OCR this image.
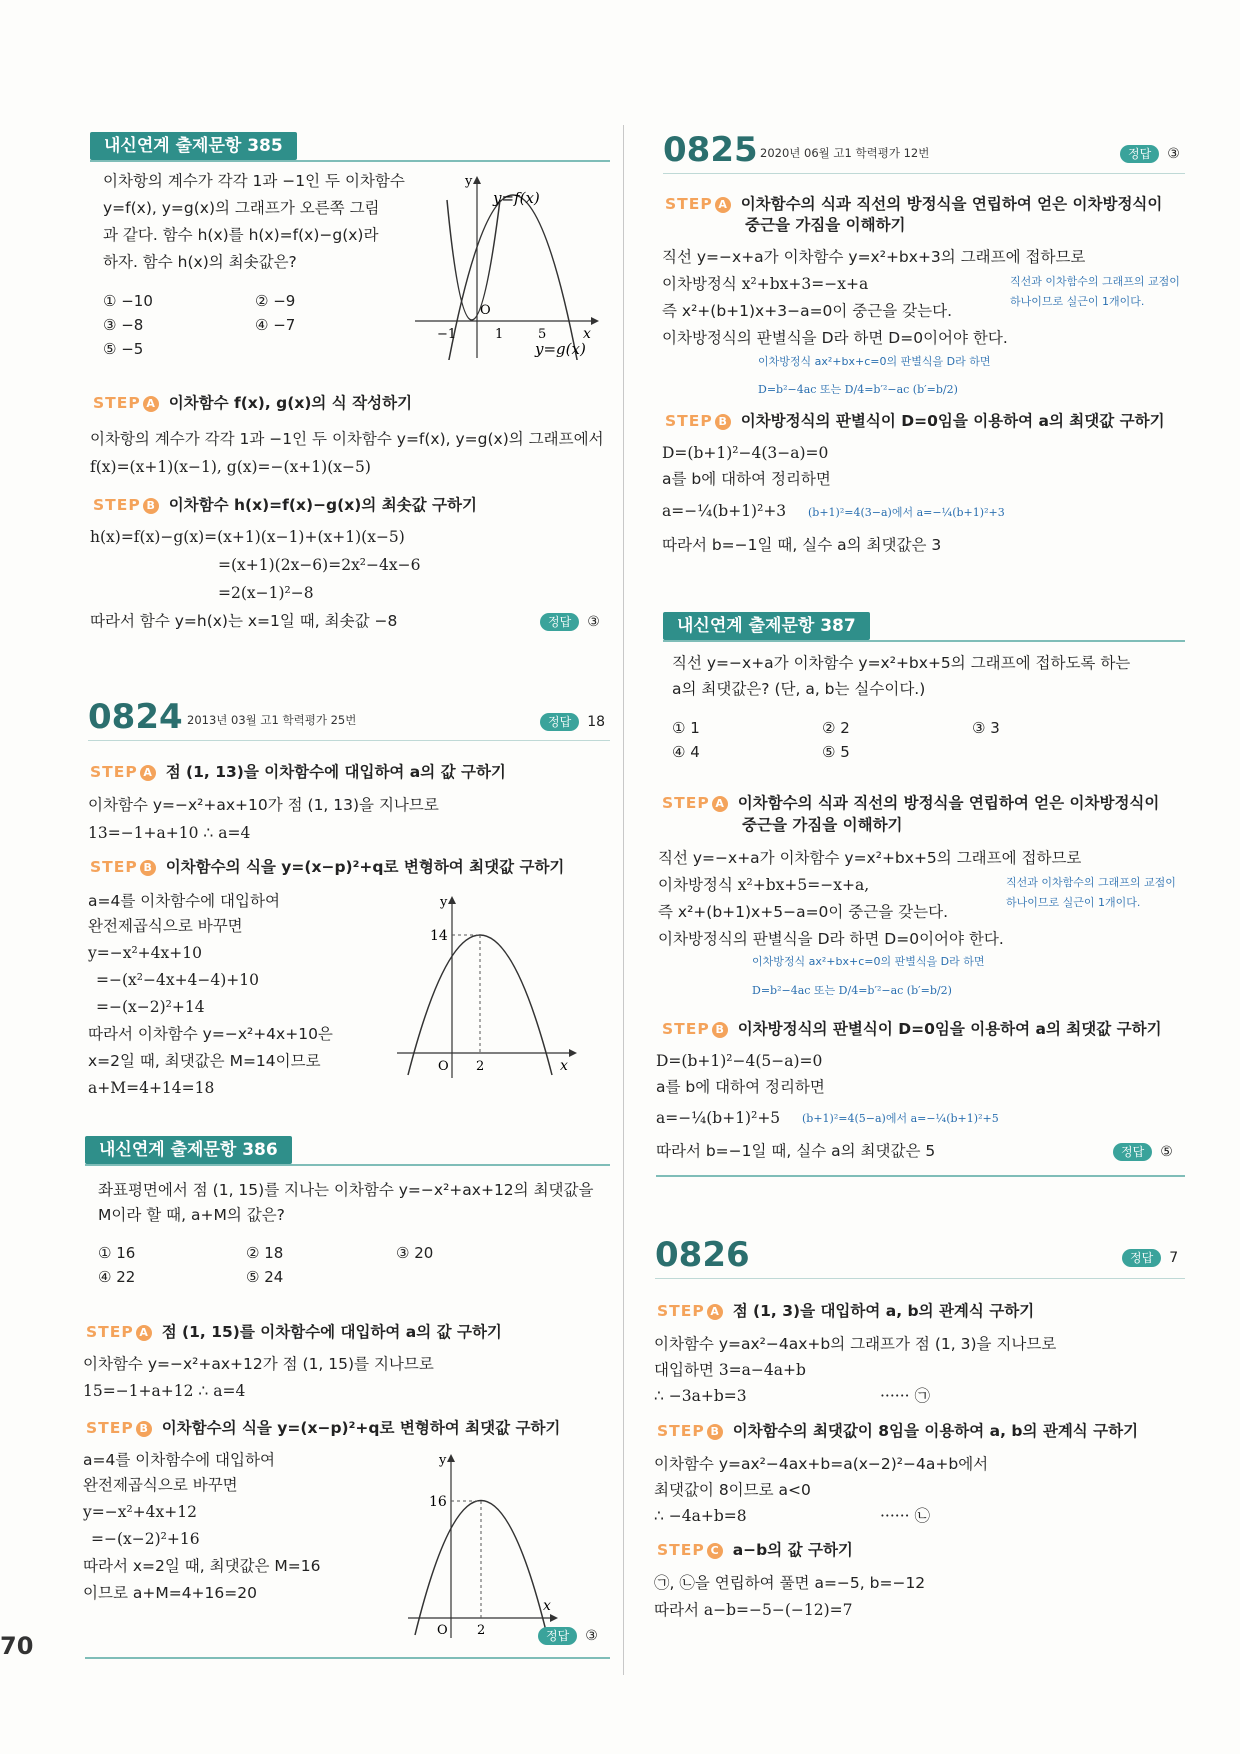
내신연계 출제문항 385
이차항의 계수가 각각 1과 −1인 두 이차함수
y=f(x), y=g(x)의 그래프가 오른쪽 그림
과 같다. 함수 h(x)를 h(x)=f(x)−g(x)라
하자. 함수 h(x)의 최솟값은?
① −10	② −9
③ −8	④ −7
⑤ −5
y
y=f(x)
O
−1	1	5	x
y=g(x)
STEP A 이차함수 f(x), g(x)의 식 작성하기
이차항의 계수가 각각 1과 −1인 두 이차함수 y=f(x), y=g(x)의 그래프에서
f(x)=(x+1)(x−1), g(x)=−(x+1)(x−5)
STEP B 이차함수 h(x)=f(x)−g(x)의 최솟값 구하기
h(x)=f(x)−g(x)=(x+1)(x−1)+(x+1)(x−5)
=(x+1)(2x−6)=2x²−4x−6
=2(x−1)²−8
따라서 함수 y=h(x)는 x=1일 때, 최솟값 −8	정답 ③
0824 2013년 03월 고1 학력평가 25번	정답 18
STEP A 점 (1, 13)을 이차함수에 대입하여 a의 값 구하기
이차함수 y=−x²+ax+10가 점 (1, 13)을 지나므로
13=−1+a+10 ∴ a=4
STEP B 이차함수의 식을 y=(x−p)²+q로 변형하여 최댓값 구하기
a=4를 이차함수에 대입하여
완전제곱식으로 바꾸면
y=−x²+4x+10
=−(x²−4x+4−4)+10
=−(x−2)²+14
따라서 이차함수 y=−x²+4x+10은
x=2일 때, 최댓값은 M=14이므로
a+M=4+14=18
y
14
O 2	x
내신연계 출제문항 386
좌표평면에서 점 (1, 15)를 지나는 이차함수 y=−x²+ax+12의 최댓값을
M이라 할 때, a+M의 값은?
① 16	② 18	③ 20
④ 22	⑤ 24
STEP A 점 (1, 15)를 이차함수에 대입하여 a의 값 구하기
이차함수 y=−x²+ax+12가 점 (1, 15)를 지나므로
15=−1+a+12 ∴ a=4
STEP B 이차함수의 식을 y=(x−p)²+q로 변형하여 최댓값 구하기
a=4를 이차함수에 대입하여
완전제곱식으로 바꾸면
y=−x²+4x+12
=−(x−2)²+16
따라서 x=2일 때, 최댓값은 M=16
이므로 a+M=4+16=20
y
16
O 2
x
정답 ③
70
0825 2020년 06월 고1 학력평가 12번	정답 ③
STEP A 이차함수의 식과 직선의 방정식을 연립하여 얻은 이차방정식이
중근을 가짐을 이해하기
직선 y=−x+a가 이차함수 y=x²+bx+3의 그래프에 접하므로
이차방정식 x²+bx+3=−x+a
즉 x²+(b+1)x+3−a=0이 중근을 갖는다.
이차방정식의 판별식을 D라 하면 D=0이어야 한다.
직선과 이차함수의 그래프의 교점이
하나이므로 실근이 1개이다.
이차방정식 ax²+bx+c=0의 판별식을 D라 하면
D=b²−4ac 또는 D/4=b′²−ac (b′=b/2)
STEP B 이차방정식의 판별식이 D=0임을 이용하여 a의 최댓값 구하기
D=(b+1)²−4(3−a)=0
a를 b에 대하여 정리하면
a=−¼(b+1)²+3 (b+1)²=4(3−a)에서 a=−¼(b+1)²+3
따라서 b=−1일 때, 실수 a의 최댓값은 3
내신연계 출제문항 387
직선 y=−x+a가 이차함수 y=x²+bx+5의 그래프에 접하도록 하는
a의 최댓값은? (단, a, b는 실수이다.)
① 1	② 2	③ 3
④ 4	⑤ 5
STEP A 이차함수의 식과 직선의 방정식을 연립하여 얻은 이차방정식이
중근을 가짐을 이해하기
직선 y=−x+a가 이차함수 y=x²+bx+5의 그래프에 접하므로
이차방정식 x²+bx+5=−x+a,
즉 x²+(b+1)x+5−a=0이 중근을 갖는다.
이차방정식의 판별식을 D라 하면 D=0이어야 한다.
직선과 이차함수의 그래프의 교점이
하나이므로 실근이 1개이다.
이차방정식 ax²+bx+c=0의 판별식을 D라 하면
D=b²−4ac 또는 D/4=b′²−ac (b′=b/2)
STEP B 이차방정식의 판별식이 D=0임을 이용하여 a의 최댓값 구하기
D=(b+1)²−4(5−a)=0
a를 b에 대하여 정리하면
a=−¼(b+1)²+5 (b+1)²=4(5−a)에서 a=−¼(b+1)²+5
따라서 b=−1일 때, 실수 a의 최댓값은 5	정답 ⑤
0826	정답 7
STEP A 점 (1, 3)을 대입하여 a, b의 관계식 구하기
이차함수 y=ax²−4ax+b의 그래프가 점 (1, 3)을 지나므로
대입하면 3=a−4a+b
∴ −3a+b=3	······ ㉠
STEP B 이차함수의 최댓값이 8임을 이용하여 a, b의 관계식 구하기
이차함수 y=ax²−4ax+b=a(x−2)²−4a+b에서
최댓값이 8이므로 a<0
∴ −4a+b=8	······ ㉡
STEP C a−b의 값 구하기
㉠, ㉡을 연립하여 풀면 a=−5, b=−12
따라서 a−b=−5−(−12)=7
